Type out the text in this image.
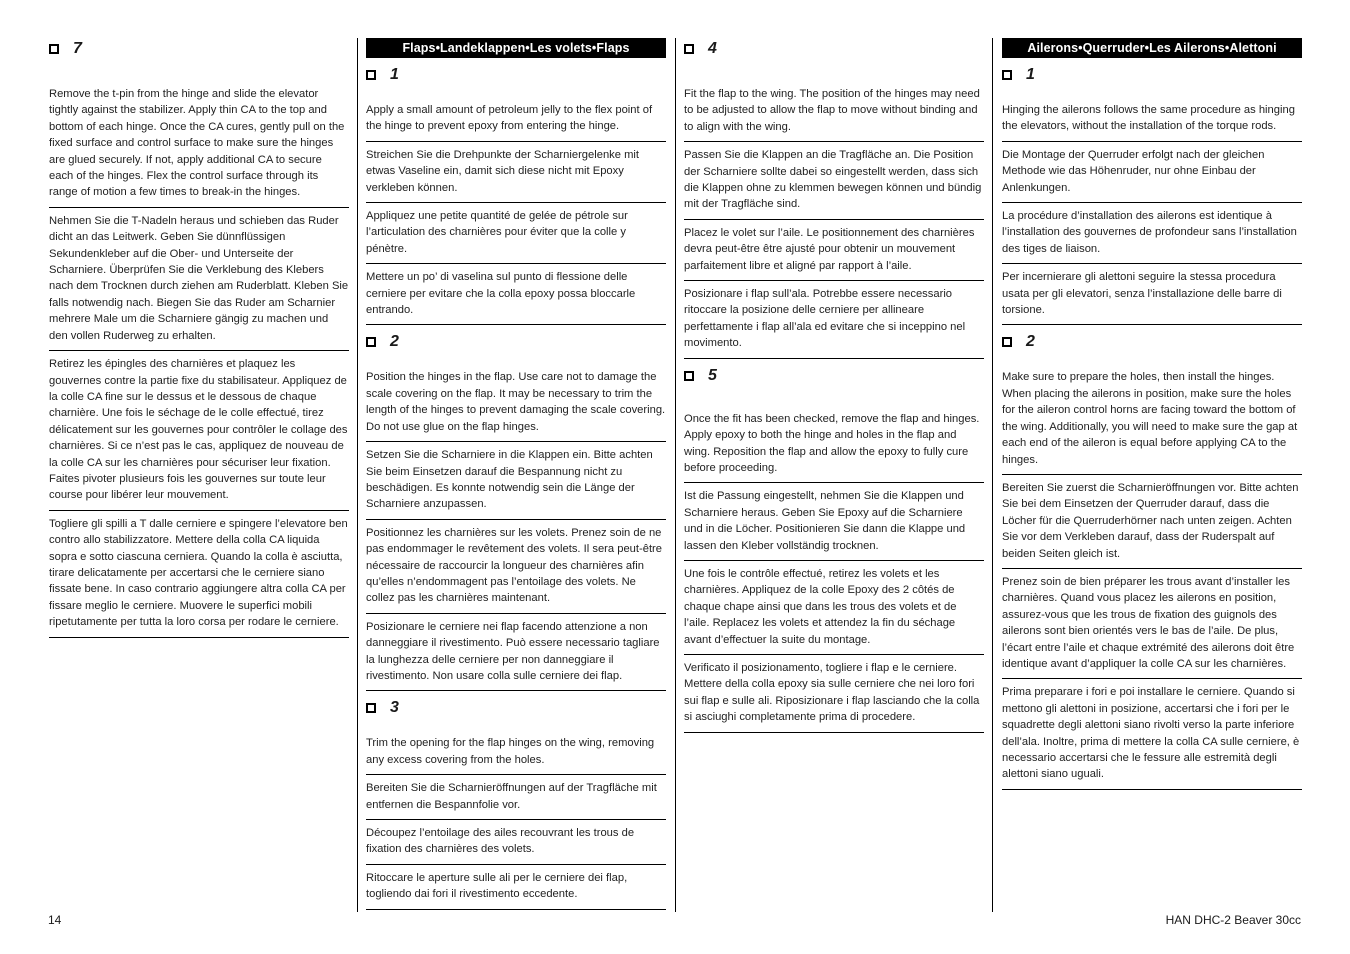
7
Remove the t-pin from the hinge and slide the elevator tightly against the stabilizer. Apply thin CA to the top and bottom of each hinge. Once the CA cures, gently pull on the fixed surface and control surface to make sure the hinges are glued securely. If not, apply additional CA to secure each of the hinges. Flex the control surface through its range of motion a few times to break-in the hinges.
Nehmen Sie die T-Nadeln heraus und schieben das Ruder dicht an das Leitwerk. Geben Sie dünnflüssigen Sekundenkleber auf die Ober- und Unterseite der Scharniere. Überprüfen Sie die Verklebung des Klebers nach dem Trocknen durch ziehen am Ruderblatt. Kleben Sie falls notwendig nach. Biegen Sie das Ruder am Scharnier mehrere Male um die Scharniere gängig zu machen und den vollen Ruderweg zu erhalten.
Retirez les épingles des charnières et plaquez les gouvernes contre la partie fixe du stabilisateur. Appliquez de la colle CA fine sur le dessus et le dessous de chaque charnière. Une fois le séchage de le colle effectué, tirez délicatement sur les gouvernes pour contrôler le collage des charnières. Si ce n’est pas le cas, appliquez de nouveau de la colle CA sur les charnières pour sécuriser leur fixation. Faites pivoter plusieurs fois les gouvernes sur toute leur course pour libérer leur mouvement.
Togliere gli spilli a T dalle cerniere e spingere l’elevatore ben contro allo stabilizzatore. Mettere della colla CA liquida sopra e sotto ciascuna cerniera. Quando la colla è asciutta, tirare delicatamente per accertarsi che le cerniere siano fissate bene. In caso contrario aggiungere altra colla CA per fissare meglio le cerniere. Muovere le superfici mobili ripetutamente per tutta la loro corsa per rodare le cerniere.
Flaps•Landeklappen•Les volets•Flaps
1
Apply a small amount of petroleum jelly to the flex point of the hinge to prevent epoxy from entering the hinge.
Streichen Sie die Drehpunkte der Scharniergelenke mit etwas Vaseline ein, damit sich diese nicht mit Epoxy verkleben können.
Appliquez une petite quantité de gelée de pétrole sur l’articulation des charnières pour éviter que la colle y pénètre.
Mettere un po’ di vaselina sul punto di flessione delle cerniere per evitare che la colla epoxy possa bloccarle entrando.
2
Position the hinges in the flap. Use care not to damage the scale covering on the flap. It may be necessary to trim the length of the hinges to prevent damaging the scale covering. Do not use glue on the flap hinges.
Setzen Sie die Scharniere in die Klappen ein. Bitte achten Sie beim Einsetzen darauf die Bespannung nicht zu beschädigen. Es konnte notwendig sein die Länge der Scharniere anzupassen.
Positionnez les charnières sur les volets. Prenez soin de ne pas endommager le revêtement des volets. Il sera peut-être nécessaire de raccourcir la longueur des charnières afin qu’elles n’endommagent pas l’entoilage des volets. Ne collez pas les charnières maintenant.
Posizionare le cerniere nei flap facendo attenzione a non danneggiare il rivestimento. Può essere necessario tagliare la lunghezza delle cerniere per non danneggiare il rivestimento. Non usare colla sulle cerniere dei flap.
3
Trim the opening for the flap hinges on the wing, removing any excess covering from the holes.
Bereiten Sie die Scharnieröffnungen auf der Tragfläche mit entfernen die Bespannfolie vor.
Découpez l’entoilage des ailes recouvrant les trous de fixation des charnières des volets.
Ritoccare le aperture sulle ali per le cerniere dei flap, togliendo dai fori il rivestimento eccedente.
4
Fit the flap to the wing. The position of the hinges may need to be adjusted to allow the flap to move without binding and to align with the wing.
Passen Sie die Klappen an die Tragfläche an. Die Position der Scharniere sollte dabei so eingestellt werden, dass sich die Klappen ohne zu klemmen bewegen können und bündig mit der Tragfläche sind.
Placez le volet sur l’aile. Le positionnement des charnières devra peut-être être ajusté pour obtenir un mouvement parfaitement libre et aligné par rapport à l’aile.
Posizionare i flap sull’ala. Potrebbe essere necessario ritoccare la posizione delle cerniere per allineare perfettamente i flap all’ala ed evitare che si inceppino nel movimento.
5
Once the fit has been checked, remove the flap and hinges. Apply epoxy to both the hinge and holes in the flap and wing. Reposition the flap and allow the epoxy to fully cure before proceeding.
Ist die Passung eingestellt, nehmen Sie die Klappen und Scharniere heraus. Geben Sie Epoxy auf die Scharniere und in die Löcher. Positionieren Sie dann die Klappe und lassen den Kleber vollständig trocknen.
Une fois le contrôle effectué, retirez les volets et les charnières. Appliquez de la colle Epoxy des 2 côtés de chaque chape ainsi que dans les trous des volets et de l’aile. Replacez les volets et attendez la fin du séchage avant d’effectuer la suite du montage.
Verificato il posizionamento, togliere i flap e le cerniere. Mettere della colla epoxy sia sulle cerniere che nei loro fori sui flap e sulle ali. Riposizionare i flap lasciando che la colla si asciughi completamente prima di procedere.
Ailerons•Querruder•Les Ailerons•Alettoni
1
Hinging the ailerons follows the same procedure as hinging the elevators, without the installation of the torque rods.
Die Montage der Querruder erfolgt nach der gleichen Methode wie das Höhenruder, nur ohne Einbau der Anlenkungen.
La procédure d’installation des ailerons est identique à l’installation des gouvernes de profondeur sans l’installation des tiges de liaison.
Per incernierare gli alettoni seguire la stessa procedura usata per gli elevatori, senza l’installazione delle barre di torsione.
2
Make sure to prepare the holes, then install the hinges. When placing the ailerons in position, make sure the holes for the aileron control horns are facing toward the bottom of the wing. Additionally, you will need to make sure the gap at each end of the aileron is equal before applying CA to the hinges.
Bereiten Sie zuerst die Scharnieröffnungen vor. Bitte achten Sie bei dem Einsetzen der Querruder darauf, dass die Löcher für die Querruderhörner nach unten zeigen. Achten Sie vor dem Verkleben darauf, dass der Ruderspalt auf beiden Seiten gleich ist.
Prenez soin de bien préparer les trous avant d’installer les charnières. Quand vous placez les ailerons en position, assurez-vous que les trous de fixation des guignols des ailerons sont bien orientés vers le bas de l’aile. De plus, l’écart entre l’aile et chaque extrémité des ailerons doit être identique avant d’appliquer la colle CA sur les charnières.
Prima preparare i fori e poi installare le cerniere. Quando si mettono gli alettoni in posizione, accertarsi che i fori per le squadrette degli alettoni siano rivolti verso la parte inferiore dell’ala. Inoltre, prima di mettere la colla CA sulle cerniere, è necessario accertarsi che le fessure alle estremità degli alettoni siano uguali.
14	HAN DHC-2 Beaver 30cc
